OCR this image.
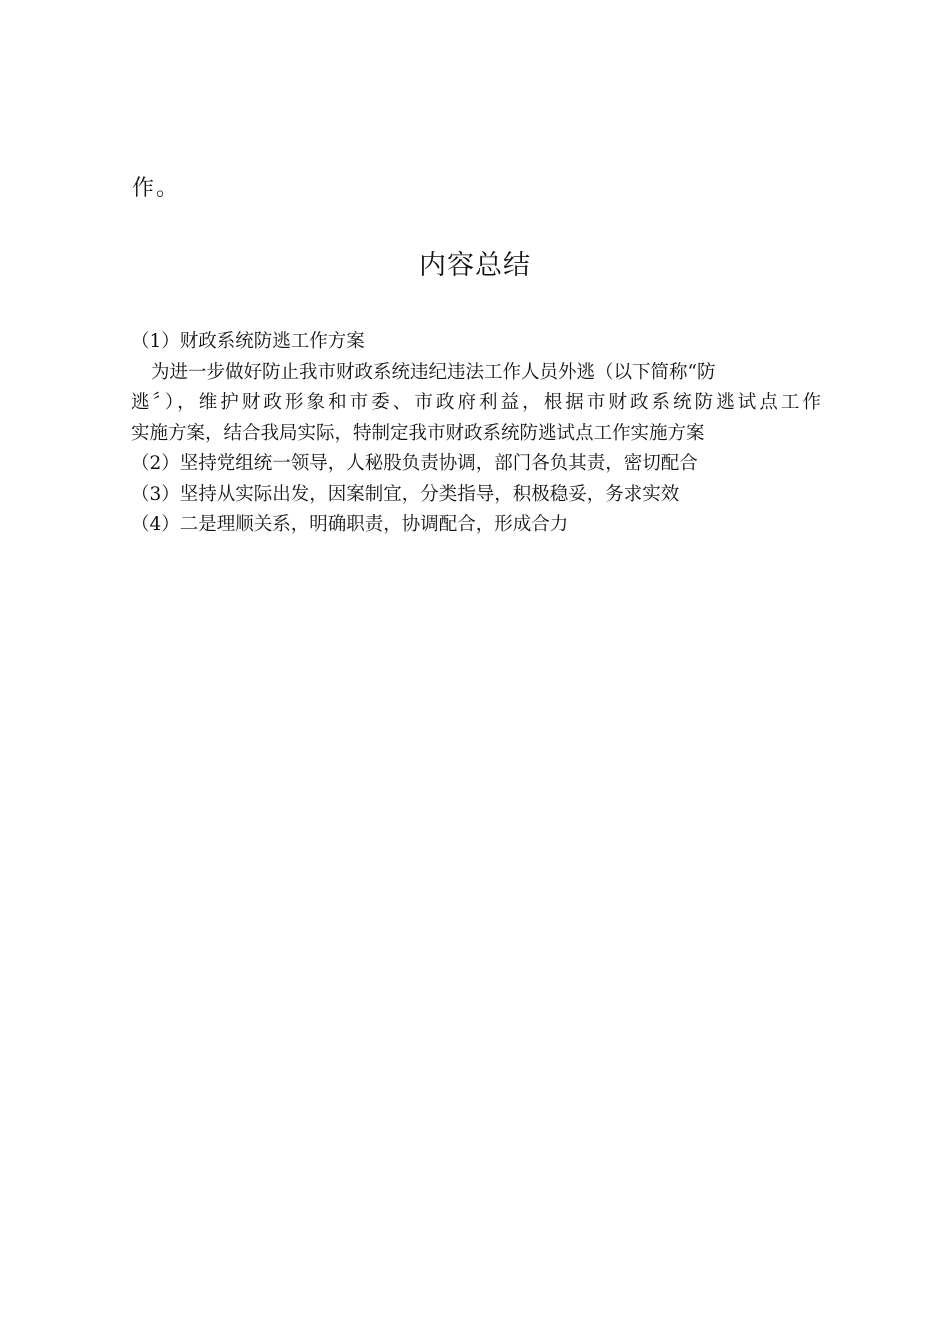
作。
内容总结
（1）财政系统防逃工作方案
为进一步做好防止我市财政系统违纪违法工作人员外逃（以下简称“防
逃〞），维护财政形象和市委、市政府利益，根据市财政系统防逃试点工作
实施方案，结合我局实际，特制定我市财政系统防逃试点工作实施方案
（2）坚持党组统一领导，人秘股负责协调，部门各负其责，密切配合
（3）坚持从实际出发，因案制宜，分类指导，积极稳妥，务求实效
（4）二是理顺关系，明确职责，协调配合，形成合力
